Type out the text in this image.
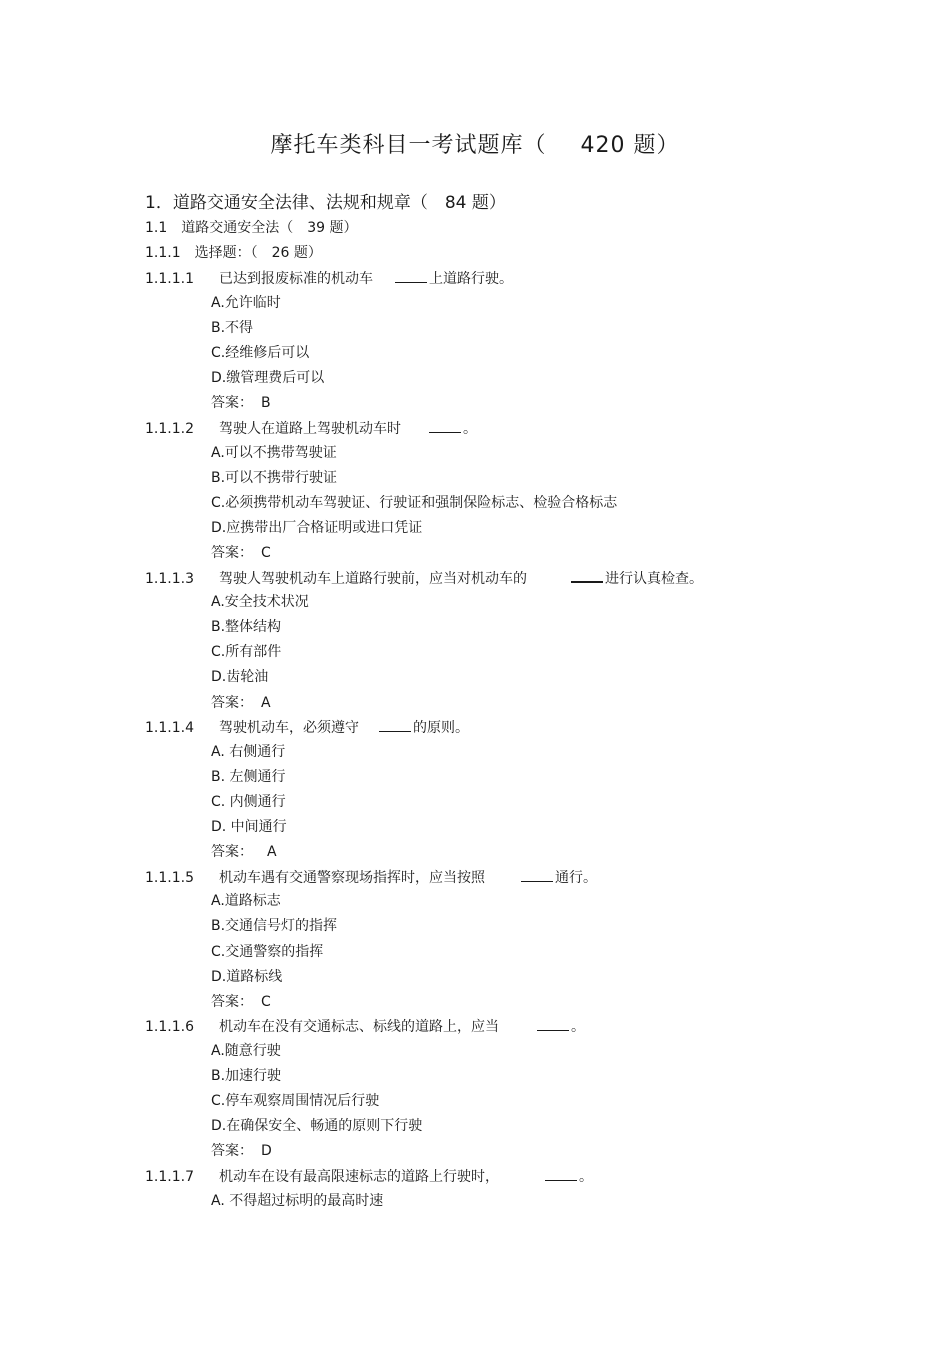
摩托车类科目一考试题库（ 420 题）
1．道路交通安全法律、法规和规章（　84 题）
1.1　道路交通安全法（　39 题）
1.1.1　选择题：（　26 题）
1.1.1.1 已达到报废标准的机动车	上道路行驶。
A.允许临时
B.不得
C.经维修后可以
D.缴管理费后可以
答案： B
1.1.1.2 驾驶人在道路上驾驶机动车时	。
A.可以不携带驾驶证
B.可以不携带行驶证
C.必须携带机动车驾驶证、行驶证和强制保险标志、检验合格标志
D.应携带出厂合格证明或进口凭证
答案： C
1.1.1.3 驾驶人驾驶机动车上道路行驶前，应当对机动车的	进行认真检查。
A.安全技术状况
B.整体结构
C.所有部件
D.齿轮油
答案： A
1.1.1.4 驾驶机动车，必须遵守	的原则。
A. 右侧通行
B. 左侧通行
C. 内侧通行
D. 中间通行
答案： A
1.1.1.5 机动车遇有交通警察现场指挥时，应当按照	通行。
A.道路标志
B.交通信号灯的指挥
C.交通警察的指挥
D.道路标线
答案： C
1.1.1.6 机动车在没有交通标志、标线的道路上，应当	。
A.随意行驶
B.加速行驶
C.停车观察周围情况后行驶
D.在确保安全、畅通的原则下行驶
答案： D
1.1.1.7 机动车在设有最高限速标志的道路上行驶时，	。
A. 不得超过标明的最高时速
